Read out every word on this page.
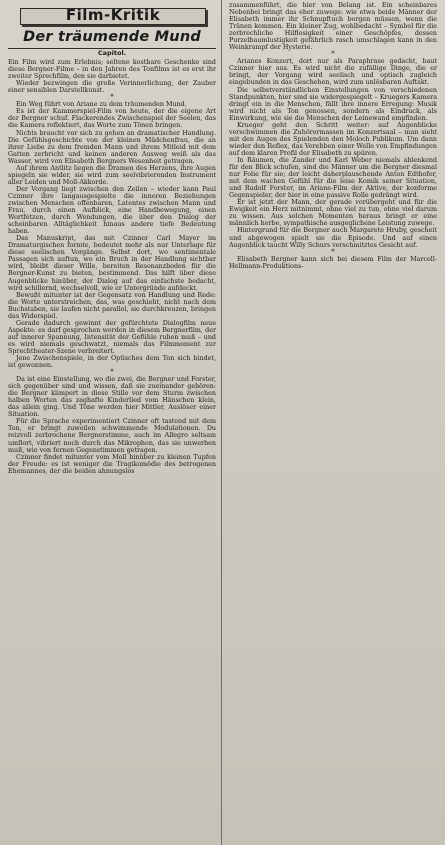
Film-Kritik
Der träumende Mund
Capitol.

Ein Film wird zum Erlebnis; seltene kostbare Geschenke sind diese Bergner-Filme – in den Jahren des Tonfilms ist es erst ihr zweiter Sprechfilm, den sie darbietet.

Wieder bezwingen die große Verinnerlichung, der Zauber einer sensiblen Darstellkunst.

*

Ein Weg führt von Ariane zu dem träumenden Mund.

Es ist der Kammerspiel-Film von heute, der die eigene Art der Bergner schuf. Flackerendes Zwischenspiel der Seelen, das die Kamera reflektiert, das Worte zum Tönen bringen.

Nichts braucht vor sich zu gehen an dramatischer Handlung. Die Gefühlsgeschichte von der kleinen Mädchenfrau, die an ihrer Liebe zu dem fremden Mann und ihrem Mitleid mit dem Gatten zerbricht und keinen anderen Ausweg weiß als das Wasser, wird von Elisabeth Bergners Wesenheit getragen.

Auf ihrem Antlitz liegen die Dramen des Herzens, ihre Augen spiegeln sie wider, sie wird zum seelvibrierenden Instrument aller Leiden und Moll-Akkorde.

Der Vorgang liegt zwischen den Zeilen – wieder kann Paul Czinner ihre langausgespielte die inneren Beziehungen zwischen Menschen offenbaren, Latentes zwischen Mann und Frau, durch einen Aufblick, eine Handbewegung, einen Wortfetzen, durch Wendungen, die über den Dialog der scheinbaren Alltäglichkeit hinaus andere tiefe Bedeutung haben.

Das Manuskript, das mit Czinner Carl Mayer im Dramaturgischen formte, bedeutet mehr als nur Unterlage für diese seelischen Vorgänge. Selbst dort, wo sentimentale Passagen sich auftun, wo ein Bruch in der Handlung sichtbar wird, bleibt dieser Wille, bereiten Resonanzboden für die Bergner-Kunst zu bieten, bestimmend. Das hilft über diese Augenblicke hinüber, der Dialog auf das einfachste bedacht, wird schillernd, wechselvoll, wie er Untergründe aufdeckt.

Bewußt mitunter ist der Gegensatz von Handlung und Rede: die Worte unterstreichen, das, was geschieht, nicht nach dem Buchstaben, sie laufen nicht parallel, sie durchkreuzen, bringen das Widerspiel.

Gerade dadurch gewinnt der gefürchtete Dialogfilm neue Aspekte: es darf gesprochen werden in diesem Bergnerfilm, der auf innerer Spannung, Intensität der Gefühle ruhen muß – und es wird niemals geschwatzt, niemals das Filmmoment zur Sprechtheater-Szene verbreitert.

Jene Zwischenspiele, in der Optisches dem Ton sich bindet, ist gewonnen.

*

Da ist eine Einstellung, wo die zwei, die Bergner und Forster, sich gegenüber sind und wissen, daß sie zueinander gehören: die Bergner klimpert in diese Stille vor dem Sturm zwischen halben Worten das zaghafte Kinderlied vom Hänschen klein, das allein ging. Und Töne werden hier Mittler, Auslöser einer Situation.

Für die Sprache experimentiert Czinner oft tastend mit dem Ton, er bringt zuweilen schwimmende Modulationen. Du reizvoll zerbrochene Bergnerstimme, auch im Allegro seltsam umflort, vibriert noch durch das Mikrophon, das sie unwerben muß, wie von fernen Gegenstimmen getragen.

Czinner findet mitunter vom Moll hinüber zu kleinen Tupfen der Freude: es ist weniger die Tragikomödie des betrogenen Ehemannes, der die beiden ahnungslos

zusammenführt, die hier von Belang ist. Ein scheinbares Nebenbei bringt das eher zuwege: wie etwa beide Männer der Elisabeth immer ihr Schnupftuch borgen müssen, wenn die Tränen kommen. Ein kleiner Zug, wohlbedacht – Symbol für die zerbrechliche Hilflosigkeit einer Geschöpfes, dessen Purzelbaumlustigkeit gefährlich rasch umschlagen kann in den Weinkrampf der Hysterie.

*

Arianes Konzert, dort nur als Paraphrase gedacht, baut Czinner hier aus. Es wird nicht die zufällige Dinge, die er bringt, der Vorgang wird seelisch und optisch zugleich eingebunden in das Geschehen, wird zum unlösbaren Auftakt.

Die selbstverständlichen Einstellungen von verschiedenen Standpunkten, hier sind sie widergespiegelt – Kruegers Kamera dringt ein in die Menschen, fällt ihre innere Erregung: Musik wird nicht als Ton genossen, sondern als Eindruck, als Einwirkung, wie sie die Menschen der Leinewand empfinden.

Krueger geht den Schritt weiter: auf Augenblicke verschwimmen die Zuhörermassen im Konzertsaal – man sieht mit den Augen des Spielenden den Moloch Publikum. Um dann wieder den Reflex, das Verebben einer Welle von Empfindungen auf dem klaren Profil der Elisabeth zu spüren.

In Räumen, die Zander und Karl Weber niemals ablenkend für den Blick schufen, sind die Männer um die Bergner diesmal nur Folie für sie; der leicht daherplauschende Anton Edthofer, mit dem wachen Gefühl für die leise Komik seiner Situation, und Rudolf Forster, im Ariane-Film der Aktive, der konforme Gegenspieler, der hier in eine passive Rolle gedrängt wird.

Er ist jetzt der Mann, der gerade vorübergeht und für die Ewigkeit ein Herz mitnimmt, ohne viel zu tun, ohne viel darum zu wissen. Aus solchen Momenten heraus bringt er eine männlich herbe, sympathische ausgeglichene Leistung zuwege.

Hintergrund für die Bergner auch Margarete Hruby, gescheit und abgewogen spielt sie die Episode. Und auf einen Augenblick taucht Willy Schurs verschmitztes Gesicht auf.

*

Elisabeth Bergner kann sich bei diesem Film der Marcell-Hellmann-Produktions-
